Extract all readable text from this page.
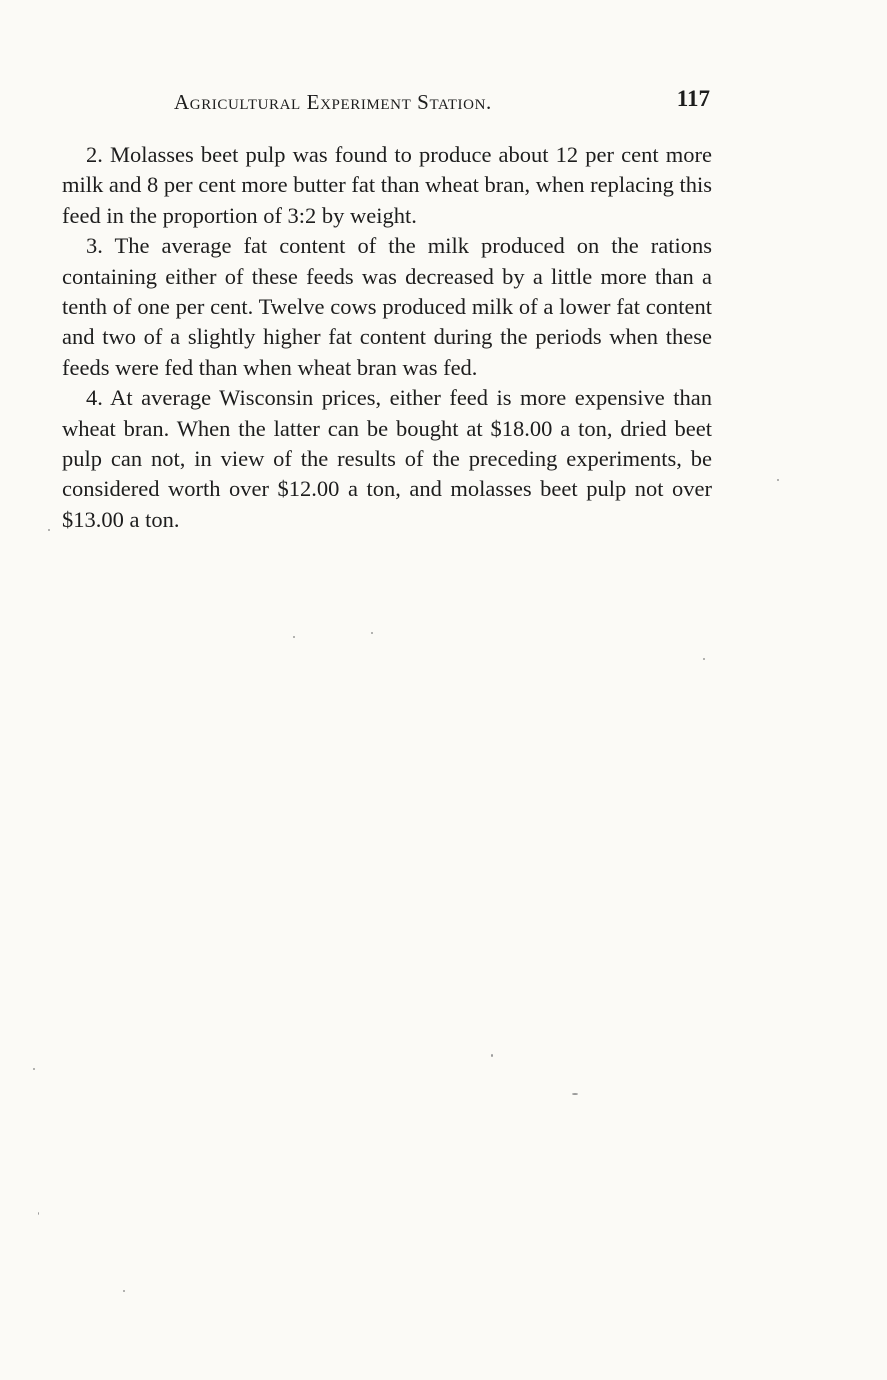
Agricultural Experiment Station.	117

2. Molasses beet pulp was found to produce about 12 per cent more milk and 8 per cent more butter fat than wheat bran, when replacing this feed in the proportion of 3:2 by weight.

3. The average fat content of the milk produced on the rations containing either of these feeds was decreased by a little more than a tenth of one per cent. Twelve cows produced milk of a lower fat content and two of a slightly higher fat content during the periods when these feeds were fed than when wheat bran was fed.

4. At average Wisconsin prices, either feed is more expensive than wheat bran. When the latter can be bought at $18.00 a ton, dried beet pulp can not, in view of the results of the preceding experiments, be considered worth over $12.00 a ton, and molasses beet pulp not over $13.00 a ton.
